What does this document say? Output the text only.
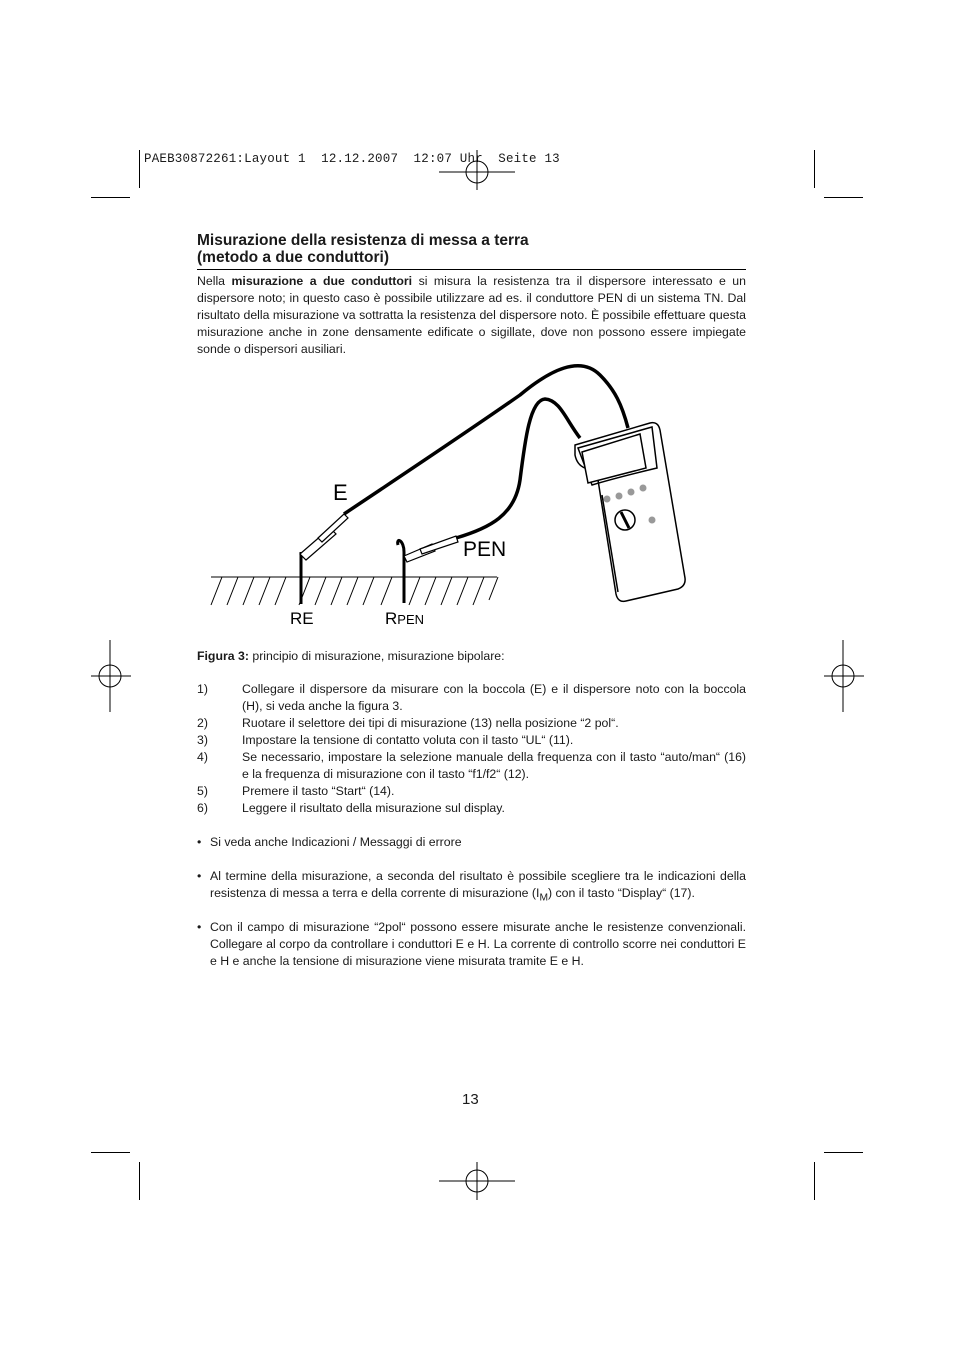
PAEB30872261:Layout 1  12.12.2007  12:07 Uhr  Seite 13
Misurazione della resistenza di messa a terra
(metodo a due conduttori)
Nella misurazione a due conduttori si misura la resistenza tra il dispersore interessato e un dispersore noto; in questo caso è possibile utilizzare ad es. il conduttore PEN di un sistema TN. Dal risultato della misurazione va sottratta la resistenza del dispersore noto. È possibile effettuare questa misurazione anche in zone densamente edificate o sigillate, dove non possono essere impiegate sonde o dispersori ausiliari.
E
PEN
RE	RPEN
Figura 3: principio di misurazione, misurazione bipolare:
1)	Collegare il dispersore da misurare con la boccola (E) e il dispersore noto con la boccola (H), si veda anche la figura 3.
2)	Ruotare il selettore dei tipi di misurazione (13) nella posizione “2 pol“.
3)	Impostare la tensione di contatto voluta con il tasto “UL“ (11).
4)	Se necessario, impostare la selezione manuale della frequenza con il tasto “auto/man“ (16) e la frequenza di misurazione con il tasto “f1/f2“ (12).
5)	Premere il tasto “Start“ (14).
6)	Leggere il risultato della misurazione sul display.
• Si veda anche Indicazioni / Messaggi di errore
• Al termine della misurazione, a seconda del risultato è possibile scegliere tra le indicazioni della resistenza di messa a terra e della corrente di misurazione $(I_M)$ con il tasto “Display“ (17).
• Con il campo di misurazione “2pol“ possono essere misurate anche le resistenze convenzionali. Collegare al corpo da controllare i conduttori E e H. La corrente di controllo scorre nei conduttori E e H e anche la tensione di misurazione viene misurata tramite E e H.
13
